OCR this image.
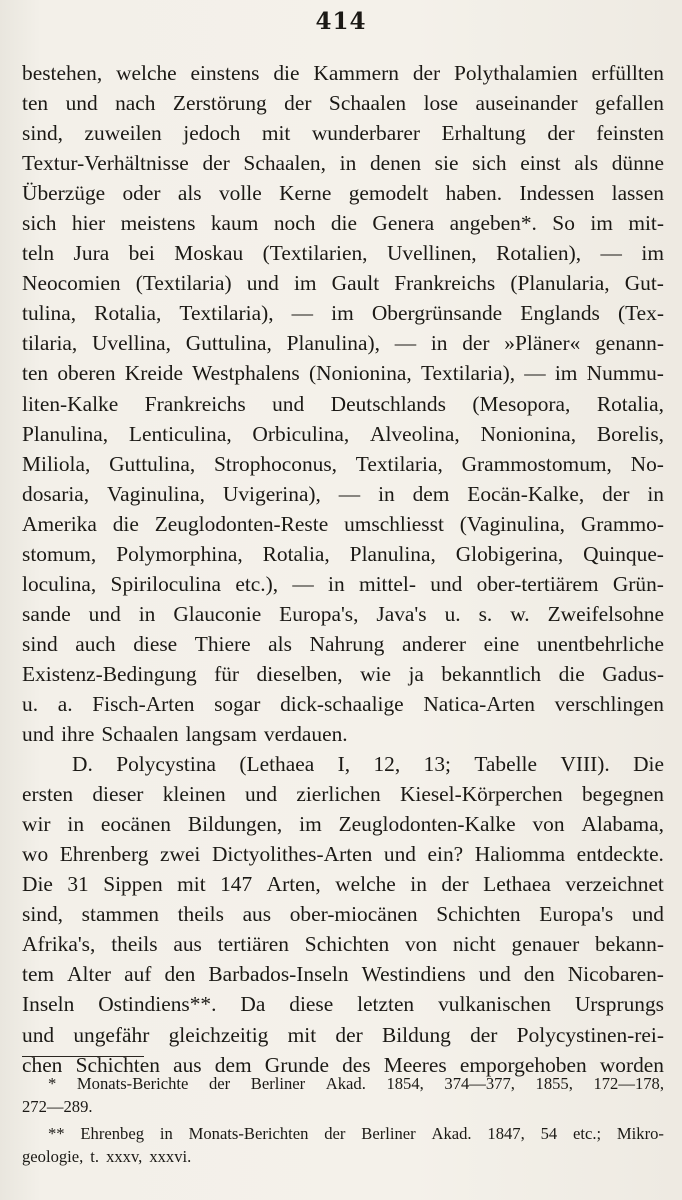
414
bestehen, welche einstens die Kammern der Polythalamien erfüllten
ten und nach Zerstörung der Schaalen lose auseinander gefallen
sind, zuweilen jedoch mit wunderbarer Erhaltung der feinsten
Textur-Verhältnisse der Schaalen, in denen sie sich einst als dünne
Überzüge oder als volle Kerne gemodelt haben. Indessen lassen
sich hier meistens kaum noch die Genera angeben*. So im mit-
teln Jura bei Moskau (Textilarien, Uvellinen, Rotalien), — im
Neocomien (Textilaria) und im Gault Frankreichs (Planularia, Gut-
tulina, Rotalia, Textilaria), — im Obergrünsande Englands (Tex-
tilaria, Uvellina, Guttulina, Planulina), — in der »Pläner« genann-
ten oberen Kreide Westphalens (Nonionina, Textilaria), — im Nummu-
liten-Kalke Frankreichs und Deutschlands (Mesopora, Rotalia,
Planulina, Lenticulina, Orbiculina, Alveolina, Nonionina, Borelis,
Miliola, Guttulina, Strophoconus, Textilaria, Grammostomum, No-
dosaria, Vaginulina, Uvigerina), — in dem Eocän-Kalke, der in
Amerika die Zeuglodonten-Reste umschliesst (Vaginulina, Grammo-
stomum, Polymorphina, Rotalia, Planulina, Globigerina, Quinque-
loculina, Spiriloculina etc.), — in mittel- und ober-tertiärem Grün-
sande und in Glauconie Europa's, Java's u. s. w. Zweifelsohne
sind auch diese Thiere als Nahrung anderer eine unentbehrliche
Existenz-Bedingung für dieselben, wie ja bekanntlich die Gadus-
u. a. Fisch-Arten sogar dick-schaalige Natica-Arten verschlingen
und ihre Schaalen langsam verdauen.
D. Polycystina (Lethaea I, 12, 13; Tabelle VIII). Die
ersten dieser kleinen und zierlichen Kiesel-Körperchen begegnen
wir in eocänen Bildungen, im Zeuglodonten-Kalke von Alabama,
wo Ehrenberg zwei Dictyolithes-Arten und ein? Haliomma entdeckte.
Die 31 Sippen mit 147 Arten, welche in der Lethaea verzeichnet
sind, stammen theils aus ober-miocänen Schichten Europa's und
Afrika's, theils aus tertiären Schichten von nicht genauer bekann-
tem Alter auf den Barbados-Inseln Westindiens und den Nicobaren-
Inseln Ostindiens**. Da diese letzten vulkanischen Ursprungs
und ungefähr gleichzeitig mit der Bildung der Polycystinen-rei-
chen Schichten aus dem Grunde des Meeres emporgehoben worden
* Monats-Berichte der Berliner Akad. 1854, 374—377, 1855, 172—178,
272—289.
** Ehrenbeg in Monats-Berichten der Berliner Akad. 1847, 54 etc.; Mikro-
geologie, t. xxxv, xxxvi.
